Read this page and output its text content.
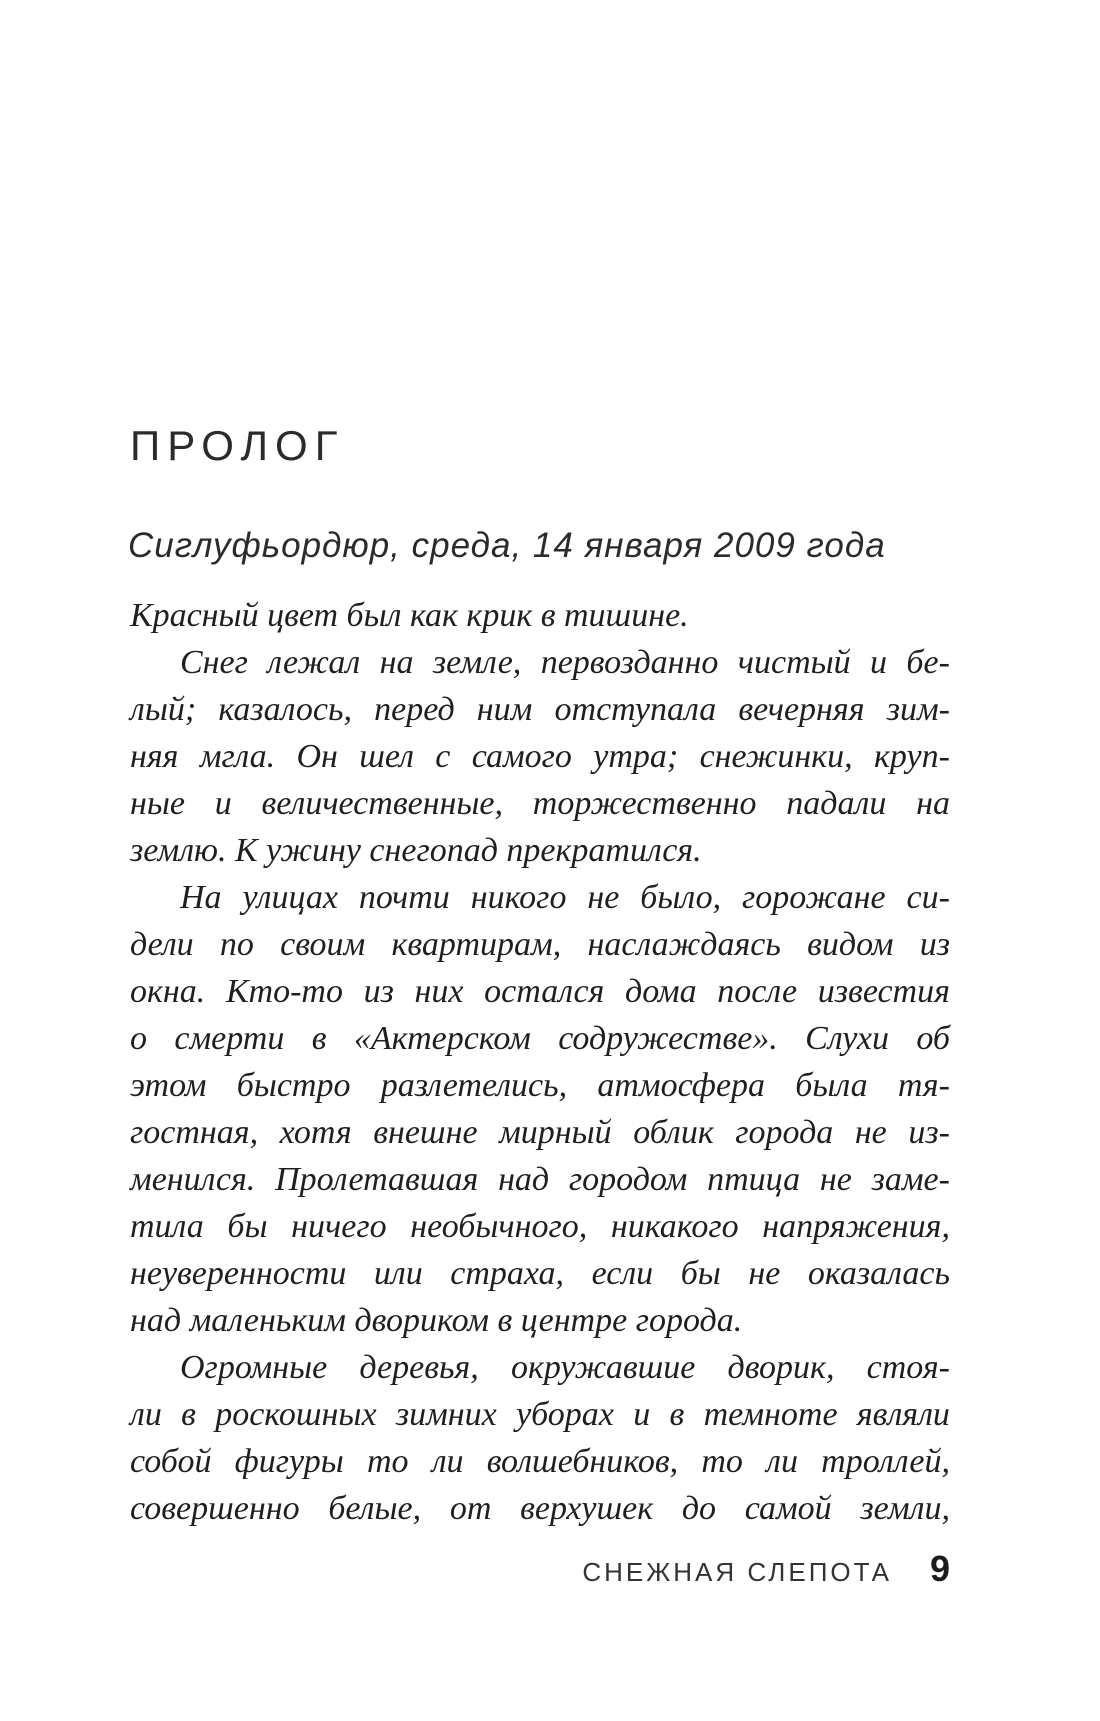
ПРОЛОГ
Сиглуфьордюр, среда, 14 января 2009 года
Красный цвет был как крик в тишине.
Снег лежал на земле, первозданно чистый и бе-
лый; казалось, перед ним отступала вечерняя зим-
няя мгла. Он шел с самого утра; снежинки, круп-
ные и величественные, торжественно падали на
землю. К ужину снегопад прекратился.
На улицах почти никого не было, горожане си-
дели по своим квартирам, наслаждаясь видом из
окна. Кто-то из них остался дома после известия
о смерти в «Актерском содружестве». Слухи об
этом быстро разлетелись, атмосфера была тя-
гостная, хотя внешне мирный облик города не из-
менился. Пролетавшая над городом птица не заме-
тила бы ничего необычного, никакого напряжения,
неуверенности или страха, если бы не оказалась
над маленьким двориком в центре города.
Огромные деревья, окружавшие дворик, стоя-
ли в роскошных зимних уборах и в темноте являли
собой фигуры то ли волшебников, то ли троллей,
совершенно белые, от верхушек до самой земли,
СНЕЖНАЯ СЛЕПОТА 9
